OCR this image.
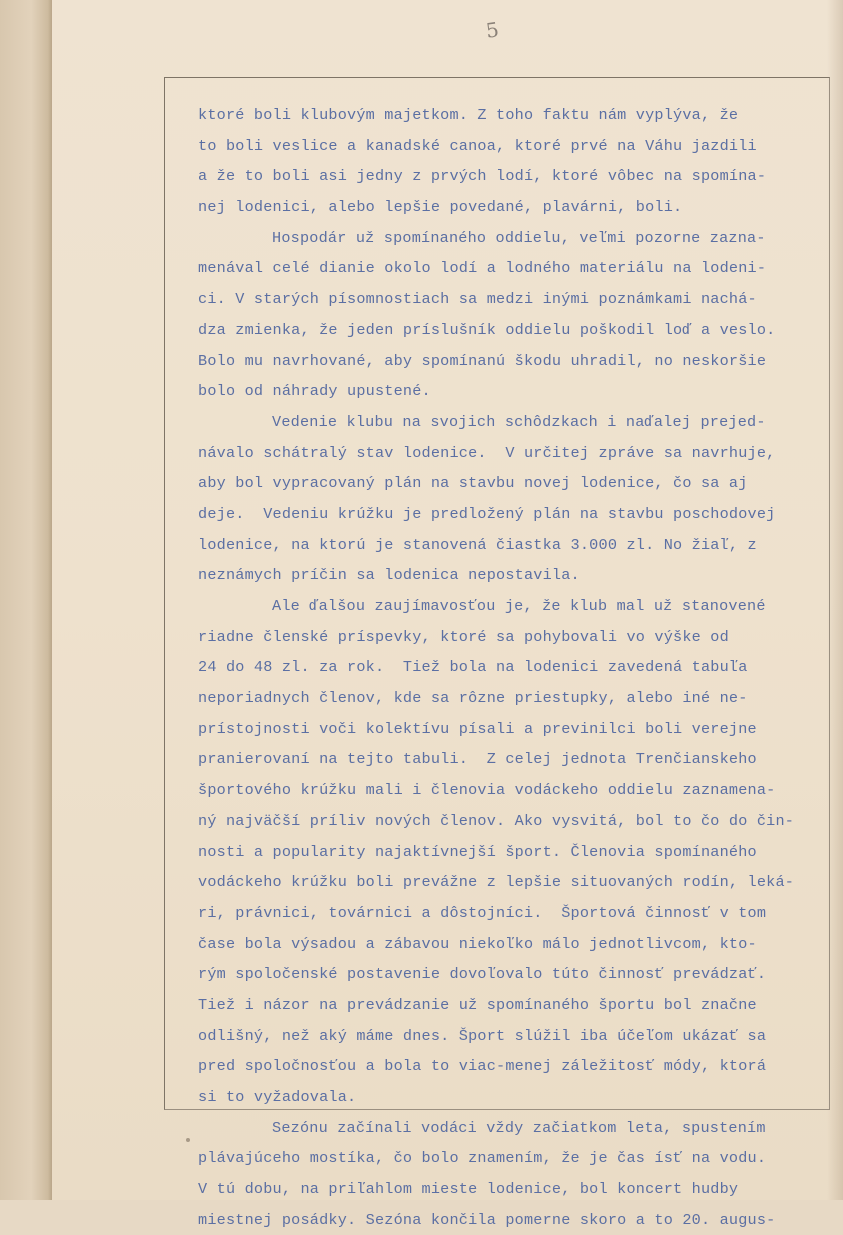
5
ktoré boli klubovým majetkom. Z toho faktu nám vyplýva, že
to boli veslice a kanadské canoa, ktoré prvé na Váhu jazdili
a že to boli asi jedny z prvých lodí, ktoré vôbec na spomína-
nej lodenici, alebo lepšie povedané, plavárni, boli.
Hospodár už spomínaného oddielu, veľmi pozorne zazna-
menával celé dianie okolo lodí a lodného materiálu na lodeni-
ci. V starých písomnostiach sa medzi inými poznámkami nachá-
dza zmienka, že jeden príslušník oddielu poškodil loď a veslo.
Bolo mu navrhované, aby spomínanú škodu uhradil, no neskoršie
bolo od náhrady upustené.
Vedenie klubu na svojich schôdzkach i naďalej prejed-
návalo schátralý stav lodenice.  V určitej zpráve sa navrhuje,
aby bol vypracovaný plán na stavbu novej lodenice, čo sa aj
deje.  Vedeniu krúžku je predložený plán na stavbu poschodovej
lodenice, na ktorú je stanovená čiastka 3.000 zl. No žiaľ, z
neznámych príčin sa lodenica nepostavila.
Ale ďalšou zaujímavosťou je, že klub mal už stanovené
riadne členské príspevky, ktoré sa pohybovali vo výške od
24 do 48 zl. za rok.  Tiež bola na lodenici zavedená tabuľa
neporiadnych členov, kde sa rôzne priestupky, alebo iné ne-
prístojnosti voči kolektívu písali a previnilci boli verejne
pranierovaní na tejto tabuli.  Z celej jednota Trenčianskeho
športového krúžku mali i členovia vodáckeho oddielu zaznamena-
ný najväčší príliv nových členov. Ako vysvitá, bol to čo do čin-
nosti a popularity najaktívnejší šport. Členovia spomínaného
vodáckeho krúžku boli prevážne z lepšie situovaných rodín, leká-
ri, právnici, továrnici a dôstojníci.  Športová činnosť v tom
čase bola výsadou a zábavou niekoľko málo jednotlivcom, kto-
rým spoločenské postavenie dovoľovalo túto činnosť prevádzať.
Tiež i názor na prevádzanie už spomínaného športu bol značne
odlišný, než aký máme dnes. Šport slúžil iba účeľom ukázať sa
pred spoločnosťou a bola to viac-menej záležitosť módy, ktorá
si to vyžadovala.
Sezónu začínali vodáci vždy začiatkom leta, spustením
plávajúceho mostíka, čo bolo znamením, že je čas ísť na vodu.
V tú dobu, na priľahlom mieste lodenice, bol koncert hudby
miestnej posádky. Sezóna končila pomerne skoro a to 20. augus-
